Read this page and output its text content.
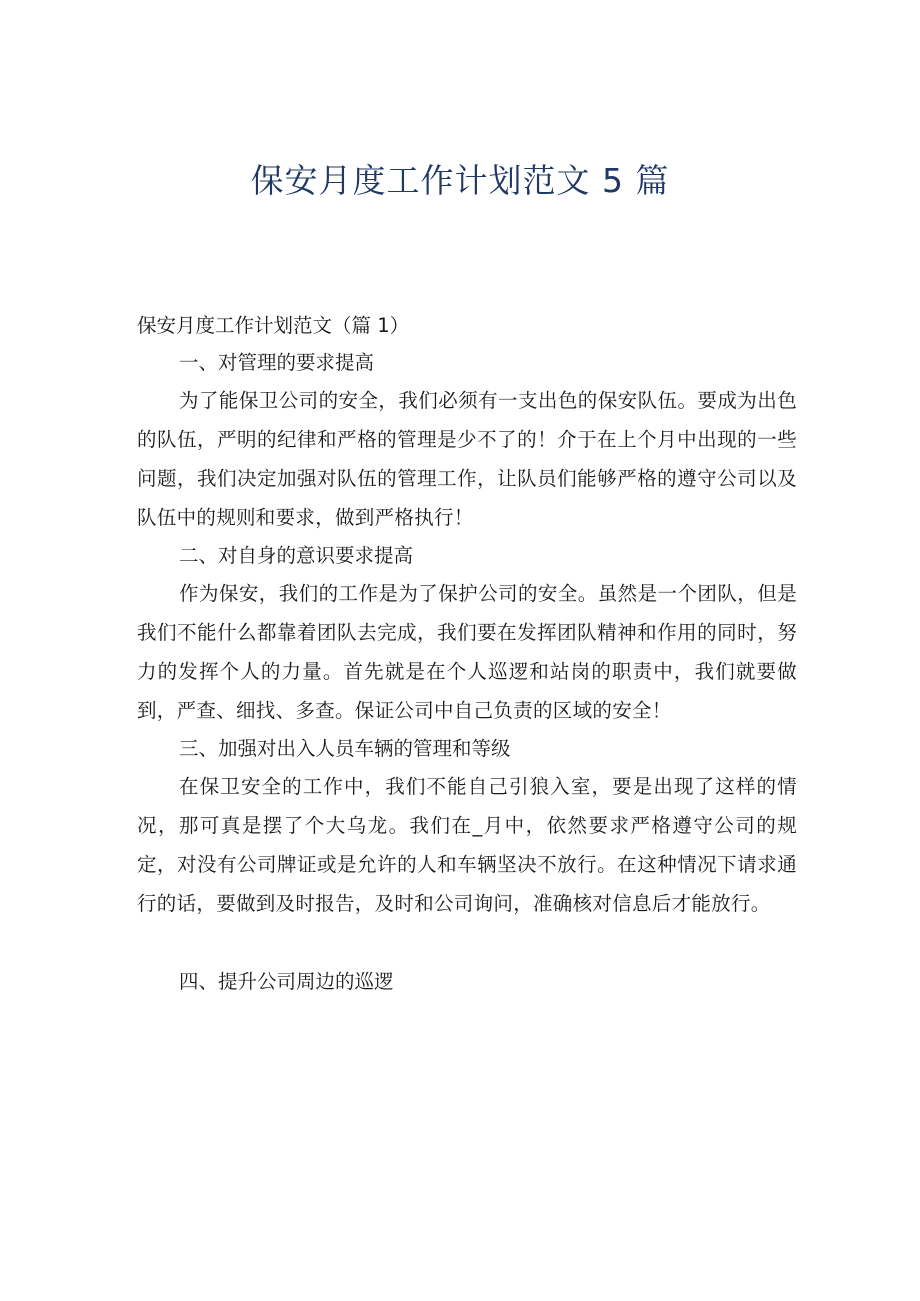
保安月度工作计划范文 5 篇

保安月度工作计划范文（篇 1）

一、对管理的要求提高

为了能保卫公司的安全，我们必须有一支出色的保安队伍。要成为出色的队伍，严明的纪律和严格的管理是少不了的！介于在上个月中出现的一些问题，我们决定加强对队伍的管理工作，让队员们能够严格的遵守公司以及队伍中的规则和要求，做到严格执行！

二、对自身的意识要求提高

作为保安，我们的工作是为了保护公司的安全。虽然是一个团队，但是我们不能什么都靠着团队去完成，我们要在发挥团队精神和作用的同时，努力的发挥个人的力量。首先就是在个人巡逻和站岗的职责中，我们就要做到，严查、细找、多查。保证公司中自己负责的区域的安全！

三、加强对出入人员车辆的管理和等级

在保卫安全的工作中，我们不能自己引狼入室，要是出现了这样的情况，那可真是摆了个大乌龙。我们在_月中，依然要求严格遵守公司的规定，对没有公司牌证或是允许的人和车辆坚决不放行。在这种情况下请求通行的话，要做到及时报告，及时和公司询问，准确核对信息后才能放行。

四、提升公司周边的巡逻
